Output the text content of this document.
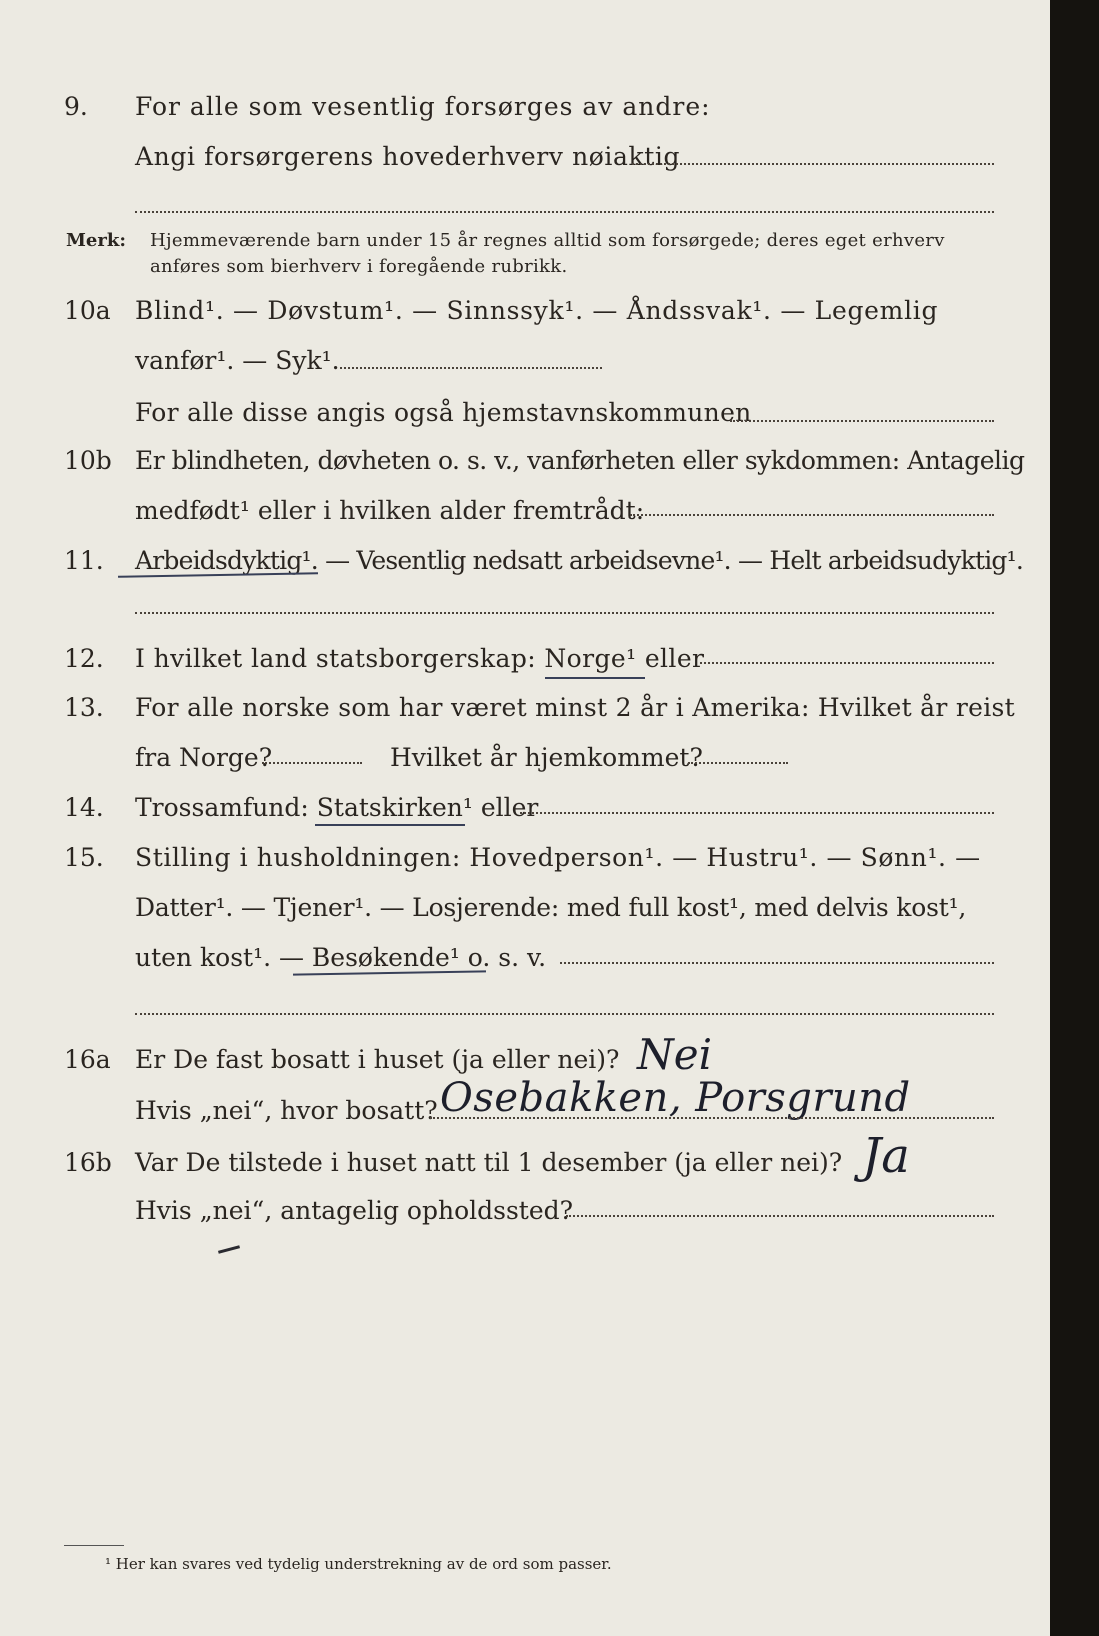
9. For alle som vesentlig forsørges av andre:
Angi forsørgerens hovederhverv nøiaktig
Merk: Hjemmeværende barn under 15 år regnes alltid som forsørgede; deres eget erhverv
anføres som bierhverv i foregående rubrikk.
10a Blind¹. — Døvstum¹. — Sinnssyk¹. — Åndssvak¹. — Legemlig
vanfør¹. — Syk¹.
For alle disse angis også hjemstavnskommunen
10b Er blindheten, døvheten o. s. v., vanførheten eller sykdommen: Antagelig
medfødt¹ eller i hvilken alder fremtrådt:
11. Arbeidsdyktig¹. — Vesentlig nedsatt arbeidsevne¹. — Helt arbeidsudyktig¹.
12. I hvilket land statsborgerskap: Norge¹ eller
13. For alle norske som har været minst 2 år i Amerika: Hvilket år reist
fra Norge?	Hvilket år hjemkommet?
14. Trossamfund: Statskirken¹ eller
15. Stilling i husholdningen: Hovedperson¹. — Hustru¹. — Sønn¹. —
Datter¹. — Tjener¹. — Losjerende: med full kost¹, med delvis kost¹,
uten kost¹. — Besøkende¹ o. s. v.
16a Er De fast bosatt i huset (ja eller nei)? Nei
Hvis „nei“, hvor bosatt? Osebakken, Porsgrund
16b Var De tilstede i huset natt til 1 desember (ja eller nei)? Ja
Hvis „nei“, antagelig opholdssted?
¹ Her kan svares ved tydelig understrekning av de ord som passer.
